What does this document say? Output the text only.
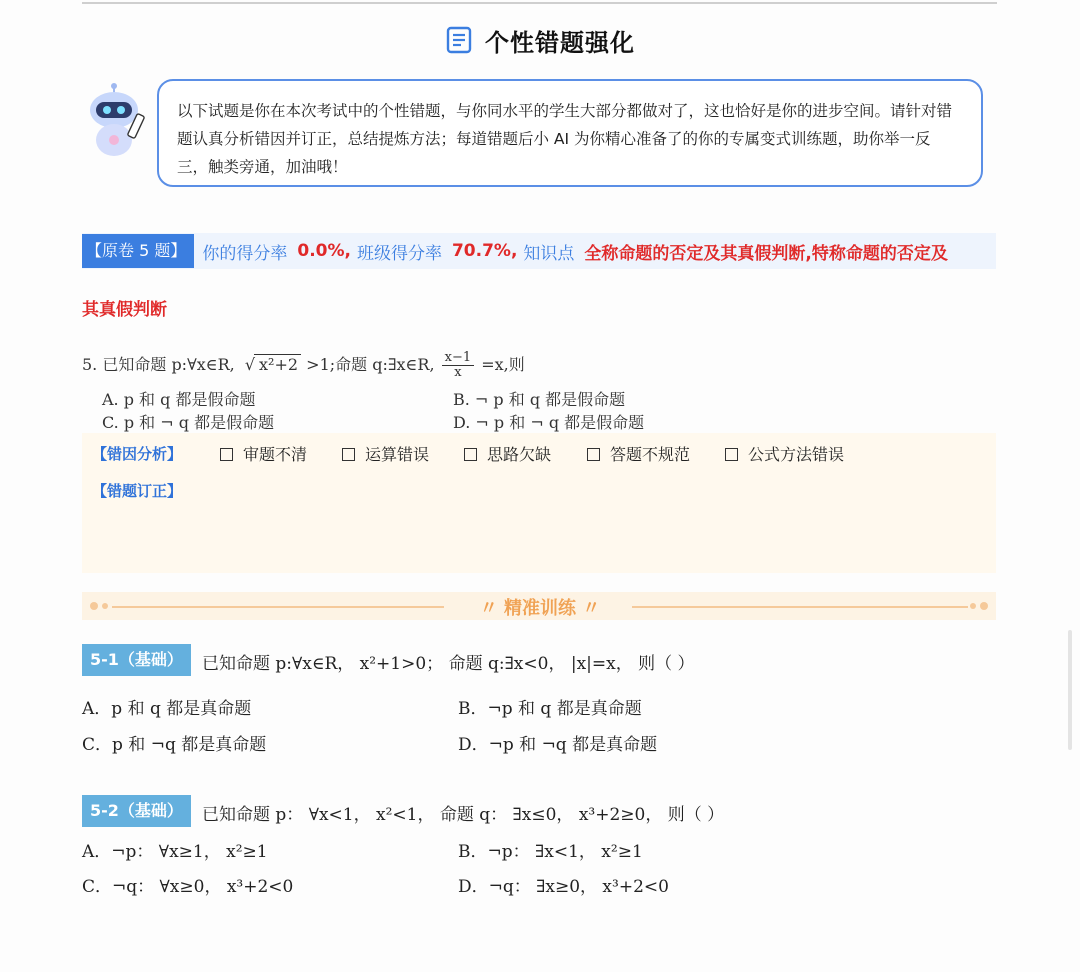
个性错题强化
以下试题是你在本次考试中的个性错题，与你同水平的学生大部分都做对了，这也恰好是你的进步空间。请针对错题认真分析错因并订正，总结提炼方法；每道错题后小 AI 为你精心准备了的你的专属变式训练题，助你举一反三，触类旁通，加油哦！
【原卷 5 题】 你的得分率 0.0%, 班级得分率 70.7%, 知识点 全称命题的否定及其真假判断,特称命题的否定及
其真假判断
5. 已知命题 p:∀x∈R, √ x²+2 >1;命题 q:∃x∈R, $\frac{x-1}{x} =x$,则
A. p 和 q 都是假命题	B. ¬ p 和 q 都是假命题
C. p 和 ¬ q 都是假命题	D. ¬ p 和 ¬ q 都是假命题
【错因分析】	审题不清	运算错误	思路欠缺	答题不规范	公式方法错误
【错题订正】
〃 精准训练 〃
5-1（基础）	已知命题 p:∀x∈R， x²+1>0； 命题 q:∃x<0， |x|=x， 则（ ）
A．p 和 q 都是真命题	B．¬p 和 q 都是真命题
C．p 和 ¬q 都是真命题	D．¬p 和 ¬q 都是真命题
5-2（基础）	已知命题 p： ∀x<1， x²<1， 命题 q： ∃x≤0， x³+2≥0， 则（ ）
A．¬p： ∀x≥1， x²≥1	B．¬p： ∃x<1， x²≥1
C．¬q： ∀x≥0， x³+2<0	D．¬q： ∃x≥0， x³+2<0
